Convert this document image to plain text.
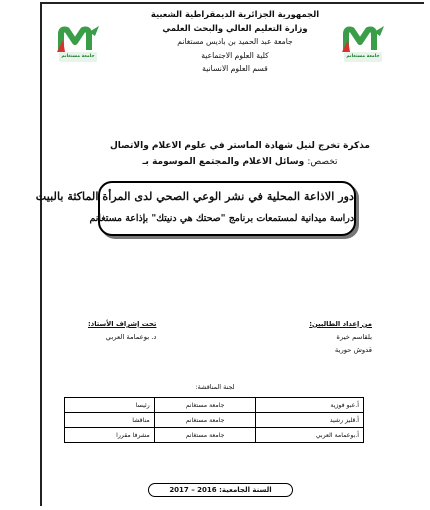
جامعة مستغانم	جامعة مستغانم
الجمهورية الجزائرية الديمقراطية الشعبية
وزارة التعليم العالي والبحث العلمي
جامعة عبد الحميد بن باديس مستغانم
كلية العلوم الاجتماعية
قسم العلوم الانسانية
مذكرة تخرج لنيل شهادة الماستر في علوم الاعلام والاتصال
تخصص: وسائل الاعلام والمجتمع الموسومة بـ
دور الاذاعة المحلية في نشر الوعي الصحي لدى المرأة الماكثة بالبيت
دراسة ميدانية لمستمعات برنامج "صحتك هي دنيتك" بإذاعة مستغانم
من إعداد الطالبين:
بلقاسم خيرة
قدوش حورية
تحت إشراف الأستاذ:
د. بوعمامة العربي
لجنة المناقشة:
أ.عبو فوزية	جامعة مستغانم	رئيسا
أ.قليز رشيد	جامعة مستغانم	مناقشا
أ.بوعمامة العربي	جامعة مستغانم	مشرفا مقررا
السنة الجامعية: 2016 – 2017
